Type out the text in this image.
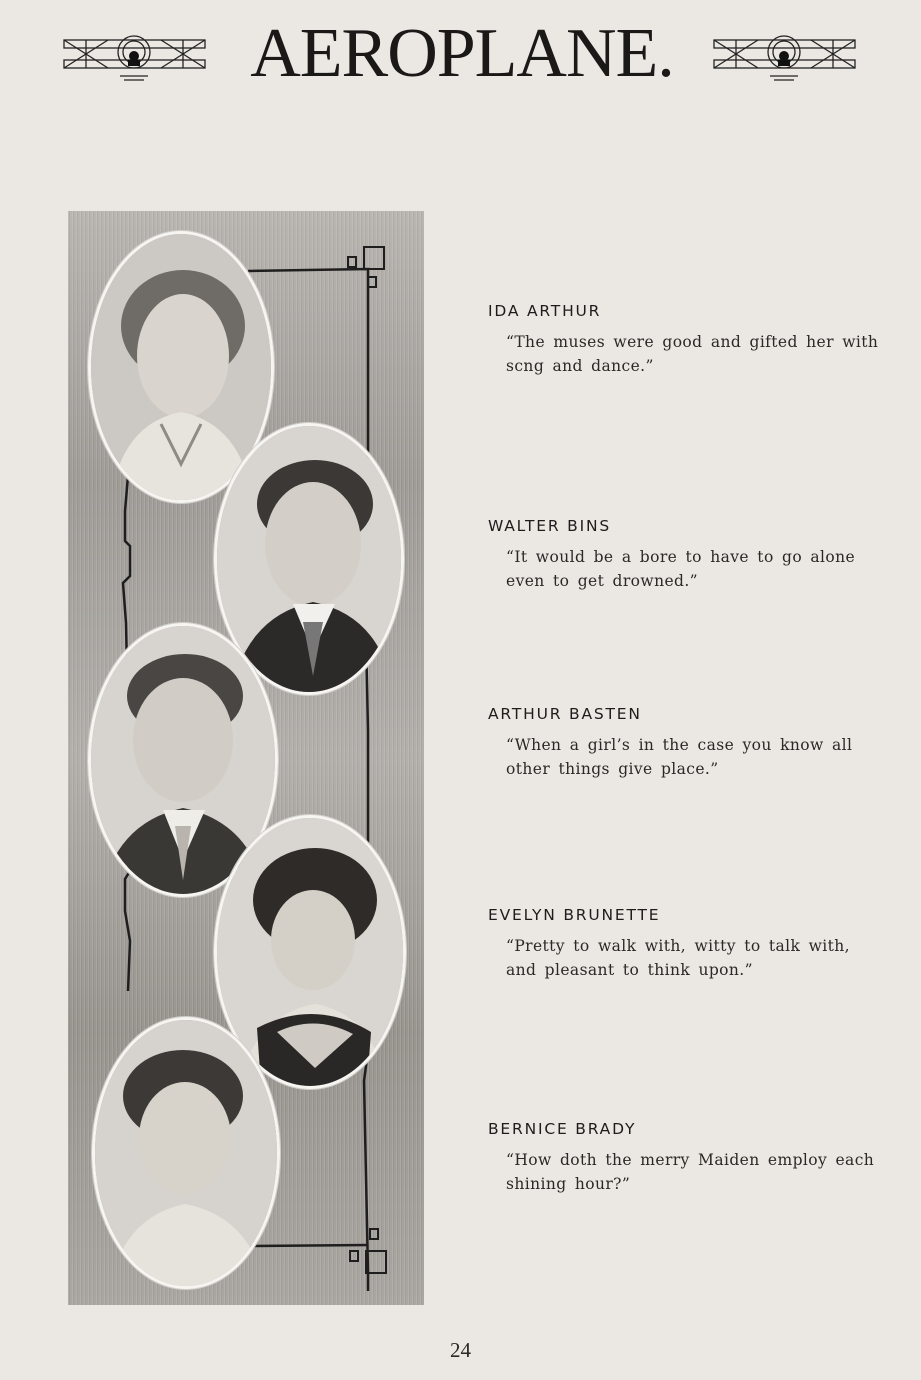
AEROPLANE.
IDA ARTHUR

“The muses were good and gifted her with
scng and dance.”

WALTER BINS

“It would be a bore to have to go alone
even to get drowned.”

ARTHUR BASTEN

“When a girl’s in the case you know all
other things give place.”

EVELYN BRUNETTE

“Pretty to walk with, witty to talk with,
and pleasant to think upon.”

BERNICE BRADY

“How doth the merry Maiden employ each
shining hour?”

24
